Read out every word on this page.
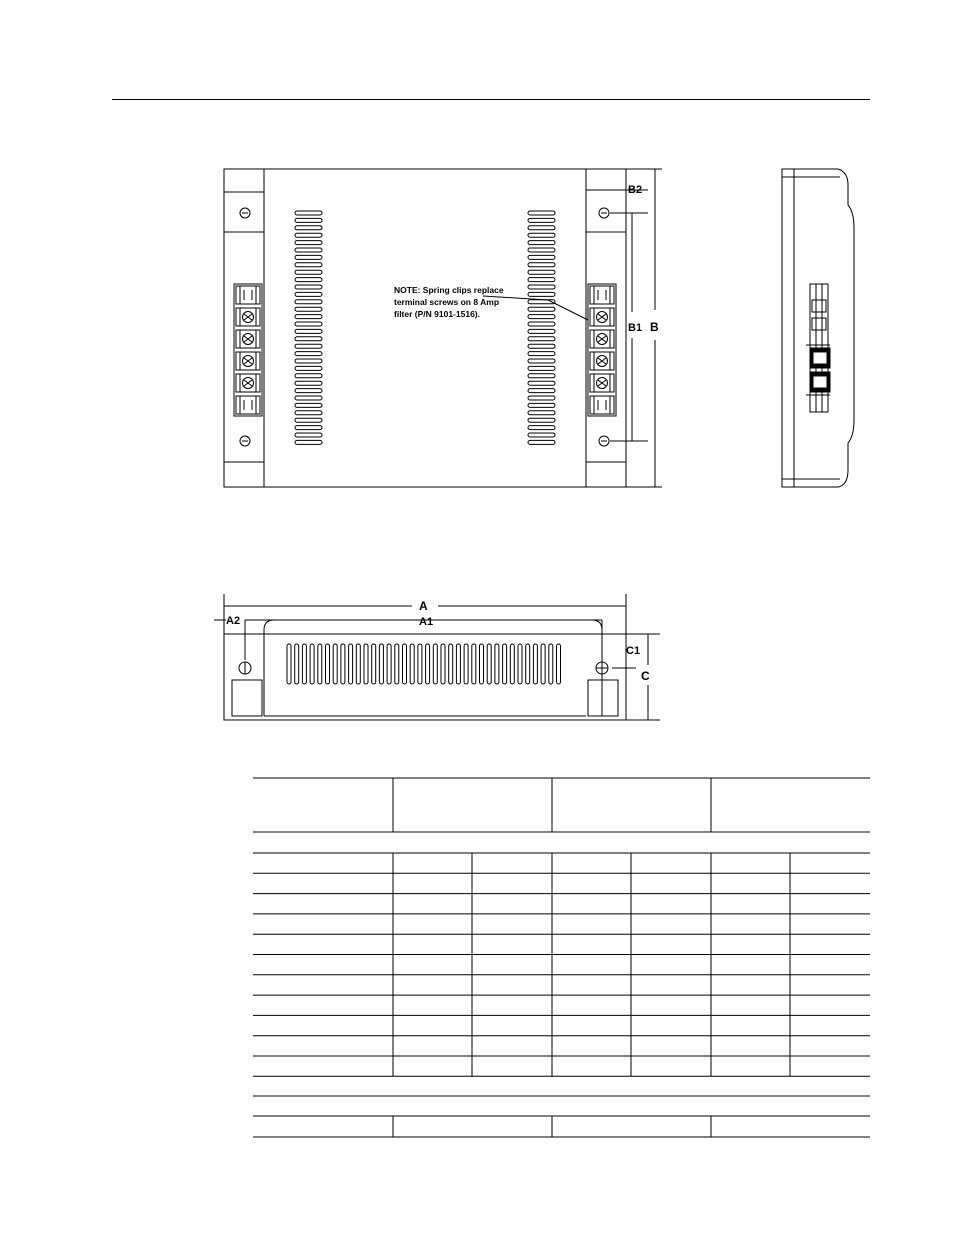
NOTE: Spring clips replace
terminal screws on 8 Amp
filter (P/N 9101-1516).
B2
B1 B
A
A1
A2
C1
C
